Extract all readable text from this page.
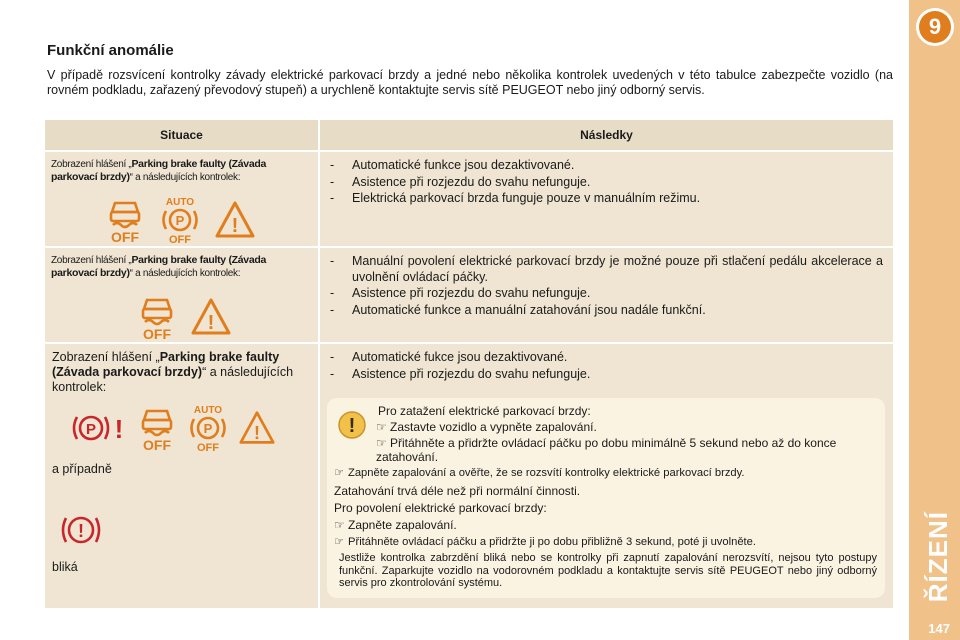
9
ŘÍZENÍ
147
Funkční anomálie
V případě rozsvícení kontrolky závady elektrické parkovací brzdy a jedné nebo několika kontrolek uvedených v této tabulce zabezpečte vozidlo (na rovném podkladu, zařazený převodový stupeň) a urychleně kontaktujte servis sítě PEUGEOT nebo jiný odborný servis.
Situace	Následky
Zobrazení hlášení „Parking brake faulty (Závada parkovací brzdy)“ a následujících kontrolek:
OFF
AUTO
P
OFF
!
- Automatické funkce jsou dezaktivované.
- Asistence při rozjezdu do svahu nefunguje.
- Elektrická parkovací brzda funguje pouze v manuálním režimu.
Zobrazení hlášení „Parking brake faulty (Závada parkovací brzdy)“ a následujících kontrolek:
OFF !
- Manuální povolení elektrické parkovací brzdy je možné pouze při stlačení pedálu akcelerace a uvolnění ovládací páčky.
- Asistence při rozjezdu do svahu nefunguje.
- Automatické funkce a manuální zatahování jsou nadále funkční.
Zobrazení hlášení „Parking brake faulty (Závada parkovací brzdy)“ a následujících kontrolek:
P !
OFF
AUTO
P
OFF
!
a případně
!
bliká
- Automatické fukce jsou dezaktivované.
- Asistence při rozjezdu do svahu nefunguje.
!
Pro zatažení elektrické parkovací brzdy:
☞ Zastavte vozidlo a vypněte zapalování.
☞ Přitáhněte a přidržte ovládací páčku po dobu minimálně 5 sekund nebo až do konce zatahování.
☞ Zapněte zapalování a ověřte, že se rozsvítí kontrolky elektrické parkovací brzdy.
Zatahování trvá déle než při normální činnosti.
Pro povolení elektrické parkovací brzdy:
☞ Zapněte zapalování.
☞ Přitáhněte ovládací páčku a přidržte ji po dobu přibližně 3 sekund, poté ji uvolněte.
Jestliže kontrolka zabrzdění bliká nebo se kontrolky při zapnutí zapalování nerozsvítí, nejsou tyto postupy funkční. Zaparkujte vozidlo na vodorovném podkladu a kontaktujte servis sítě PEUGEOT nebo jiný odborný servis pro zkontrolování systému.
